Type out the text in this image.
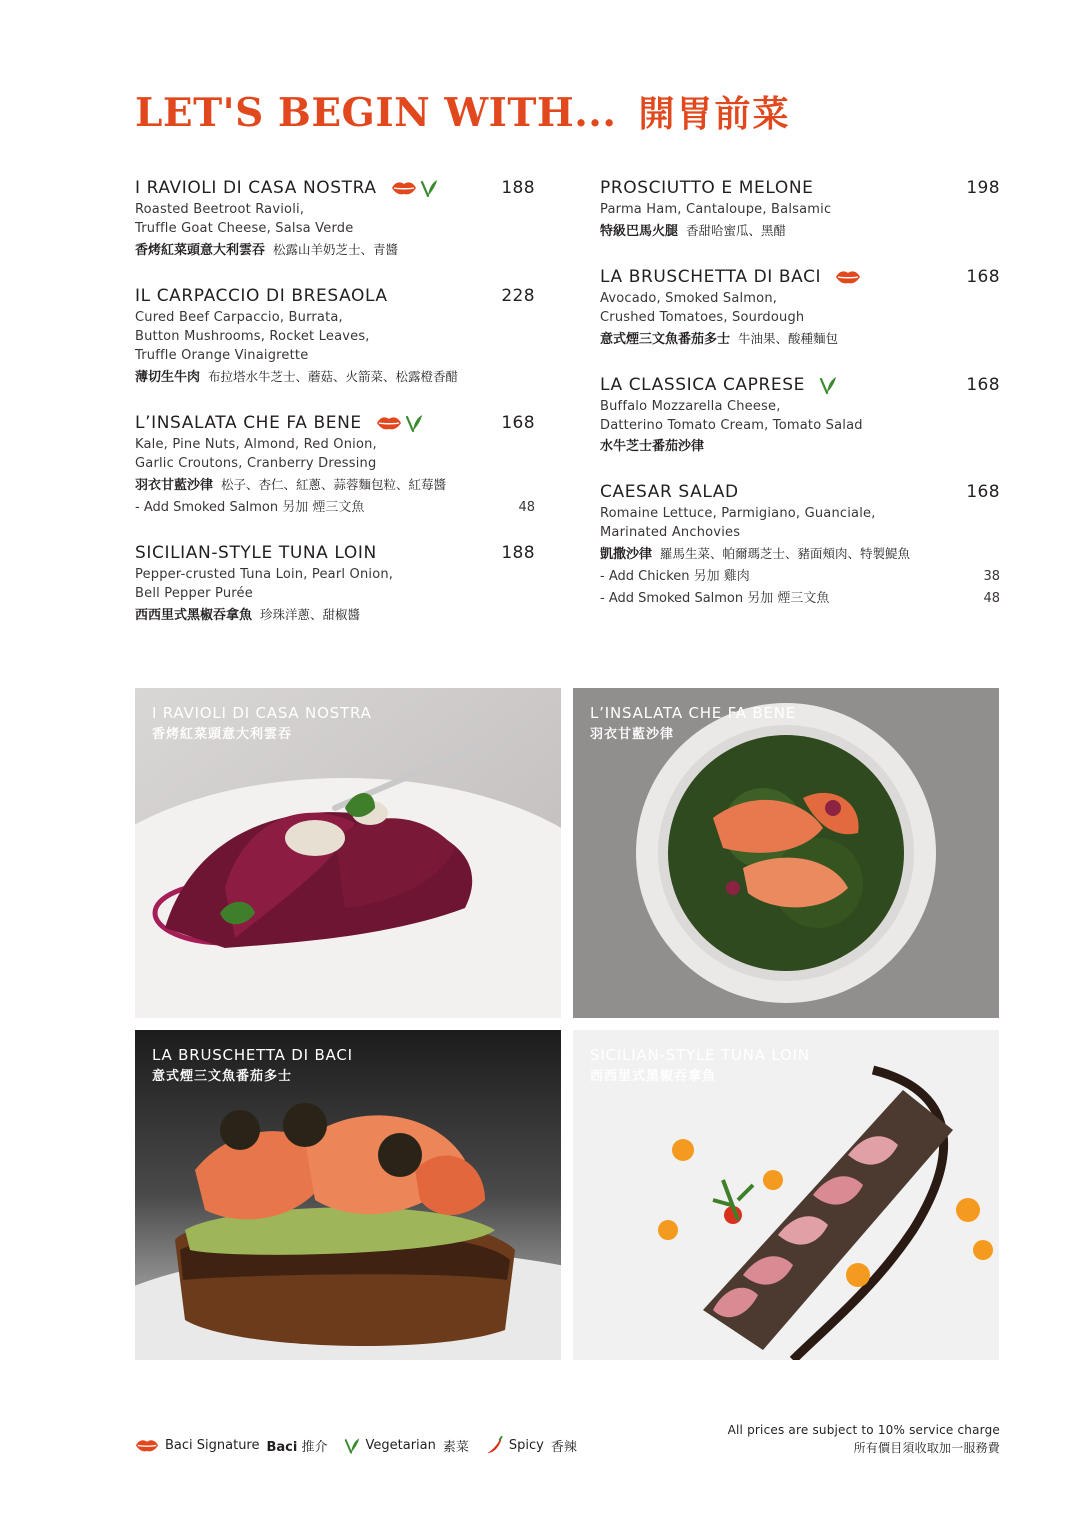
LET'S BEGIN WITH... 開胃前菜
I RAVIOLI DI CASA NOSTRA	188
Roasted Beetroot Ravioli,
Truffle Goat Cheese, Salsa Verde
香烤紅菜頭意大利雲吞 松露山羊奶芝士、青醬
IL CARPACCIO DI BRESAOLA	228
Cured Beef Carpaccio, Burrata,
Button Mushrooms, Rocket Leaves,
Truffle Orange Vinaigrette
薄切生牛肉 布拉塔水牛芝士、蘑菇、火箭菜、松露橙香醋
L’INSALATA CHE FA BENE	168
Kale, Pine Nuts, Almond, Red Onion,
Garlic Croutons, Cranberry Dressing
羽衣甘藍沙律 松子、杏仁、紅蔥、蒜蓉麵包粒、紅莓醬
- Add Smoked Salmon 另加 煙三文魚	48
SICILIAN-STYLE TUNA LOIN	188
Pepper-crusted Tuna Loin, Pearl Onion,
Bell Pepper Purée
西西里式黑椒吞拿魚 珍珠洋蔥、甜椒醬
PROSCIUTTO E MELONE	198
Parma Ham, Cantaloupe, Balsamic
特級巴馬火腿 香甜哈蜜瓜、黑醋
LA BRUSCHETTA DI BACI	168
Avocado, Smoked Salmon,
Crushed Tomatoes, Sourdough
意式煙三文魚番茄多士 牛油果、酸種麵包
LA CLASSICA CAPRESE	168
Buffalo Mozzarella Cheese,
Datterino Tomato Cream, Tomato Salad
水牛芝士番茄沙律
CAESAR SALAD	168
Romaine Lettuce, Parmigiano, Guanciale,
Marinated Anchovies
凱撒沙律 羅馬生菜、帕爾瑪芝士、豬面頰肉、特製鯷魚
- Add Chicken 另加 雞肉	38
- Add Smoked Salmon 另加 煙三文魚	48
I RAVIOLI DI CASA NOSTRA
香烤紅菜頭意大利雲吞
L’INSALATA CHE FA BENE
羽衣甘藍沙律
LA BRUSCHETTA DI BACI
意式煙三文魚番茄多士
SICILIAN-STYLE TUNA LOIN
西西里式黑椒吞拿魚
Baci Signature Baci 推介	Vegetarian 素菜	Spicy 香辣
All prices are subject to 10% service charge
所有價目須收取加一服務費
